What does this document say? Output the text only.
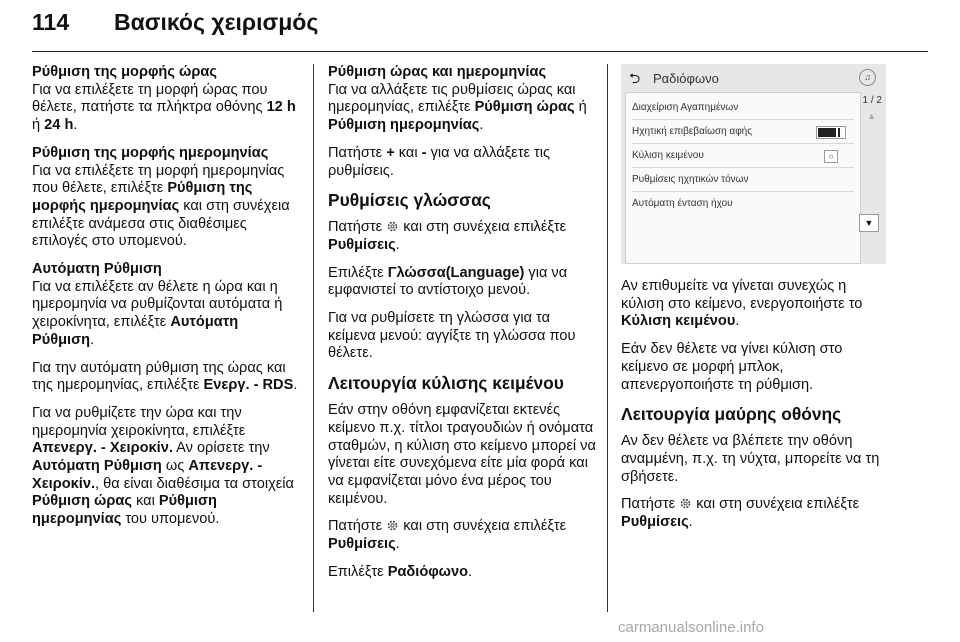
114 Βασικός χειρισμός
Ρύθμιση της μορφής ώρας

Για να επιλέξετε τη μορφή ώρας που θέλετε, πατήστε τα πλήκτρα οθόνης 12 h ή 24 h.

Ρύθμιση της μορφής ημερομηνίας

Για να επιλέξετε τη μορφή ημερομηνίας που θέλετε, επιλέξτε Ρύθμιση της μορφής ημερομηνίας και στη συνέχεια επιλέξτε ανάμεσα στις διαθέσιμες επιλογές στο υπομενού.

Αυτόματη Ρύθμιση

Για να επιλέξετε αν θέλετε η ώρα και η ημερομηνία να ρυθμίζονται αυτόματα ή χειροκίνητα, επιλέξτε Αυτόματη Ρύθμιση.

Για την αυτόματη ρύθμιση της ώρας και της ημερομηνίας, επιλέξτε Ενεργ. - RDS.

Για να ρυθμίζετε την ώρα και την ημερομηνία χειροκίνητα, επιλέξτε Απενεργ. - Χειροκίν. Αν ορίσετε την Αυτόματη Ρύθμιση ως Απενεργ. - Χειροκίν., θα είναι διαθέσιμα τα στοιχεία Ρύθμιση ώρας και Ρύθμιση ημερομηνίας του υπομενού.

Ρύθμιση ώρας και ημερομηνίας

Για να αλλάξετε τις ρυθμίσεις ώρας και ημερομηνίας, επιλέξτε Ρύθμιση ώρας ή Ρύθμιση ημερομηνίας.

Πατήστε + και - για να αλλάξετε τις ρυθμίσεις.

Ρυθμίσεις γλώσσας

Πατήστε
και στη συνέχεια επιλέξτε Ρυθμίσεις.

Επιλέξτε Γλώσσα(Language) για να εμφανιστεί το αντίστοιχο μενού.

Για να ρυθμίσετε τη γλώσσα για τα κείμενα μενού: αγγίξτε τη γλώσσα που θέλετε.

Λειτουργία κύλισης κειμένου

Εάν στην οθόνη εμφανίζεται εκτενές κείμενο π.χ. τίτλοι τραγουδιών ή ονόματα σταθμών, η κύλιση στο κείμενο μπορεί να γίνεται είτε συνεχόμενα είτε μία φορά και να εμφανίζεται μόνο ένα μέρος του κειμένου.

Πατήστε
και στη συνέχεια επιλέξτε Ρυθμίσεις.

Επιλέξτε Ραδιόφωνο.

⮌ Ραδιόφωνο	♫
Διαχείριση Αγαπημένων
Ηχητική επιβεβαίωση αφής
Κύλιση κειμένου	○
Ρυθμίσεις ηχητικών τόνων
Αυτόματη ένταση ήχου
1 / 2
▲
▼

Αν επιθυμείτε να γίνεται συνεχώς η κύλιση στο κείμενο, ενεργοποιήστε το Κύλιση κειμένου.

Εάν δεν θέλετε να γίνει κύλιση στο κείμενο σε μορφή μπλοκ, απενεργοποιήστε τη ρύθμιση.

Λειτουργία μαύρης οθόνης

Αν δεν θέλετε να βλέπετε την οθόνη αναμμένη, π.χ. τη νύχτα, μπορείτε να τη σβήσετε.

Πατήστε
και στη συνέχεια επιλέξτε Ρυθμίσεις.

carmanualsonline.info
